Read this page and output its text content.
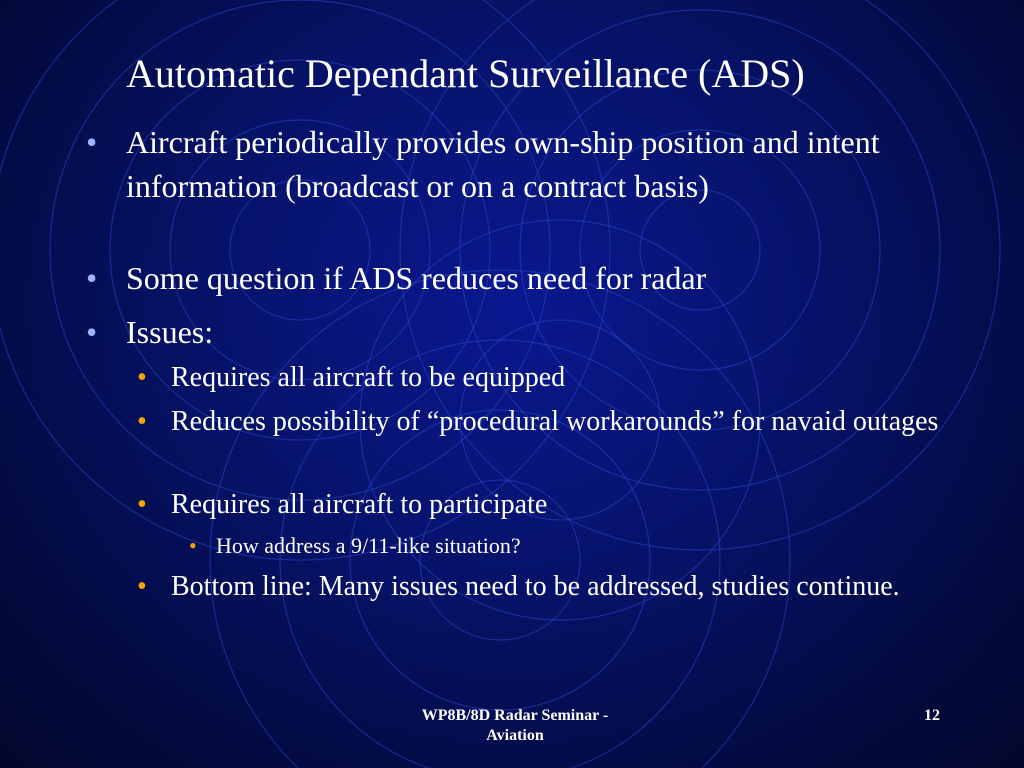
Automatic Dependant Surveillance (ADS)
• Aircraft periodically provides own-ship position and intent information (broadcast or on a contract basis)
• Some question if ADS reduces need for radar
• Issues:
• Requires all aircraft to be equipped
• Reduces possibility of “procedural workarounds” for navaid outages
• Requires all aircraft to participate
• How address a 9/11-like situation?
• Bottom line: Many issues need to be addressed, studies continue.
WP8B/8D Radar Seminar -
Aviation
12
